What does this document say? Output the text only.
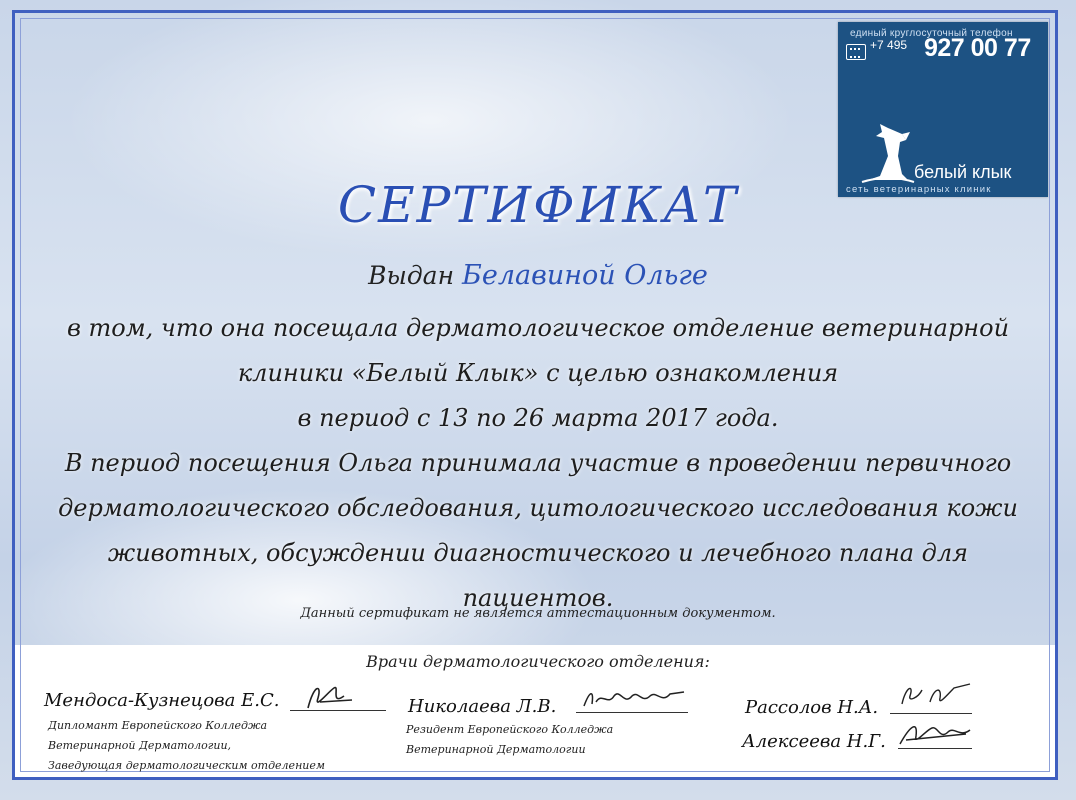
единый круглосуточный телефон
+7 495 927 00 77
белый клык
сеть ветеринарных клиник
СЕРТИФИКАТ
Выдан Белавиной Ольге
в том, что она посещала дерматологическое отделение ветеринарной
клиники «Белый Клык» с целью ознакомления
в период с 13 по 26 марта 2017 года.
В период посещения Ольга принимала участие в проведении первичного
дерматологического обследования, цитологического исследования кожи
животных, обсуждении диагностического и лечебного плана для
пациентов.
Данный сертификат не является аттестационным документом.
Врачи дерматологического отделения:
Мендоса-Кузнецова Е.С.
Дипломант Европейского Колледжа
Ветеринарной Дерматологии,
Заведующая дерматологическим отделением
Николаева Л.В.
Резидент Европейского Колледжа
Ветеринарной Дерматологии
Рассолов Н.А.
Алексеева Н.Г.
